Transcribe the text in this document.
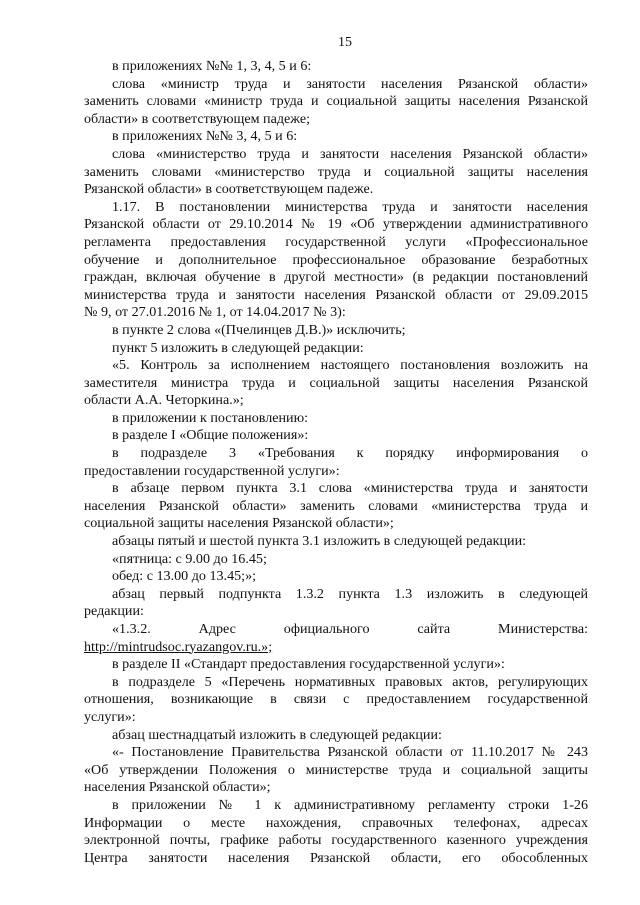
15
в приложениях №№ 1, 3, 4, 5 и 6:
слова «министр труда и занятости населения Рязанской области»
заменить словами «министр труда и социальной защиты населения Рязанской
области» в соответствующем падеже;
в приложениях №№ 3, 4, 5 и 6:
слова «министерство труда и занятости населения Рязанской области»
заменить словами «министерство труда и социальной защиты населения
Рязанской области» в соответствующем падеже.
1.17. В постановлении министерства труда и занятости населения
Рязанской области от 29.10.2014 № 19 «Об утверждении административного
регламента предоставления государственной услуги «Профессиональное
обучение и дополнительное профессиональное образование безработных
граждан, включая обучение в другой местности» (в редакции постановлений
министерства труда и занятости населения Рязанской области от 29.09.2015
№ 9, от 27.01.2016 № 1, от 14.04.2017 № 3):
в пункте 2 слова «(Пчелинцев Д.В.)» исключить;
пункт 5 изложить в следующей редакции:
«5. Контроль за исполнением настоящего постановления возложить на
заместителя министра труда и социальной защиты населения Рязанской
области А.А. Четоркина.»;
в приложении к постановлению:
в разделе I «Общие положения»:
в подразделе 3 «Требования к порядку информирования о
предоставлении государственной услуги»:
в абзаце первом пункта 3.1 слова «министерства труда и занятости
населения Рязанской области» заменить словами «министерства труда и
социальной защиты населения Рязанской области»;
абзацы пятый и шестой пункта 3.1 изложить в следующей редакции:
«пятница: с 9.00 до 16.45;
обед: с 13.00 до 13.45;»;
абзац первый подпункта 1.3.2 пункта 1.3 изложить в следующей
редакции:
«1.3.2. Адрес официального сайта Министерства:
http://mintrudsoc.ryazangov.ru.»;
в разделе II «Стандарт предоставления государственной услуги»:
в подразделе 5 «Перечень нормативных правовых актов, регулирующих
отношения, возникающие в связи с предоставлением государственной
услуги»:
абзац шестнадцатый изложить в следующей редакции:
«- Постановление Правительства Рязанской области от 11.10.2017 № 243
«Об утверждении Положения о министерстве труда и социальной защиты
населения Рязанской области»;
в приложении № 1 к административному регламенту строки 1-26
Информации о месте нахождения, справочных телефонах, адресах
электронной почты, графике работы государственного казенного учреждения
Центра занятости населения Рязанской области, его обособленных
